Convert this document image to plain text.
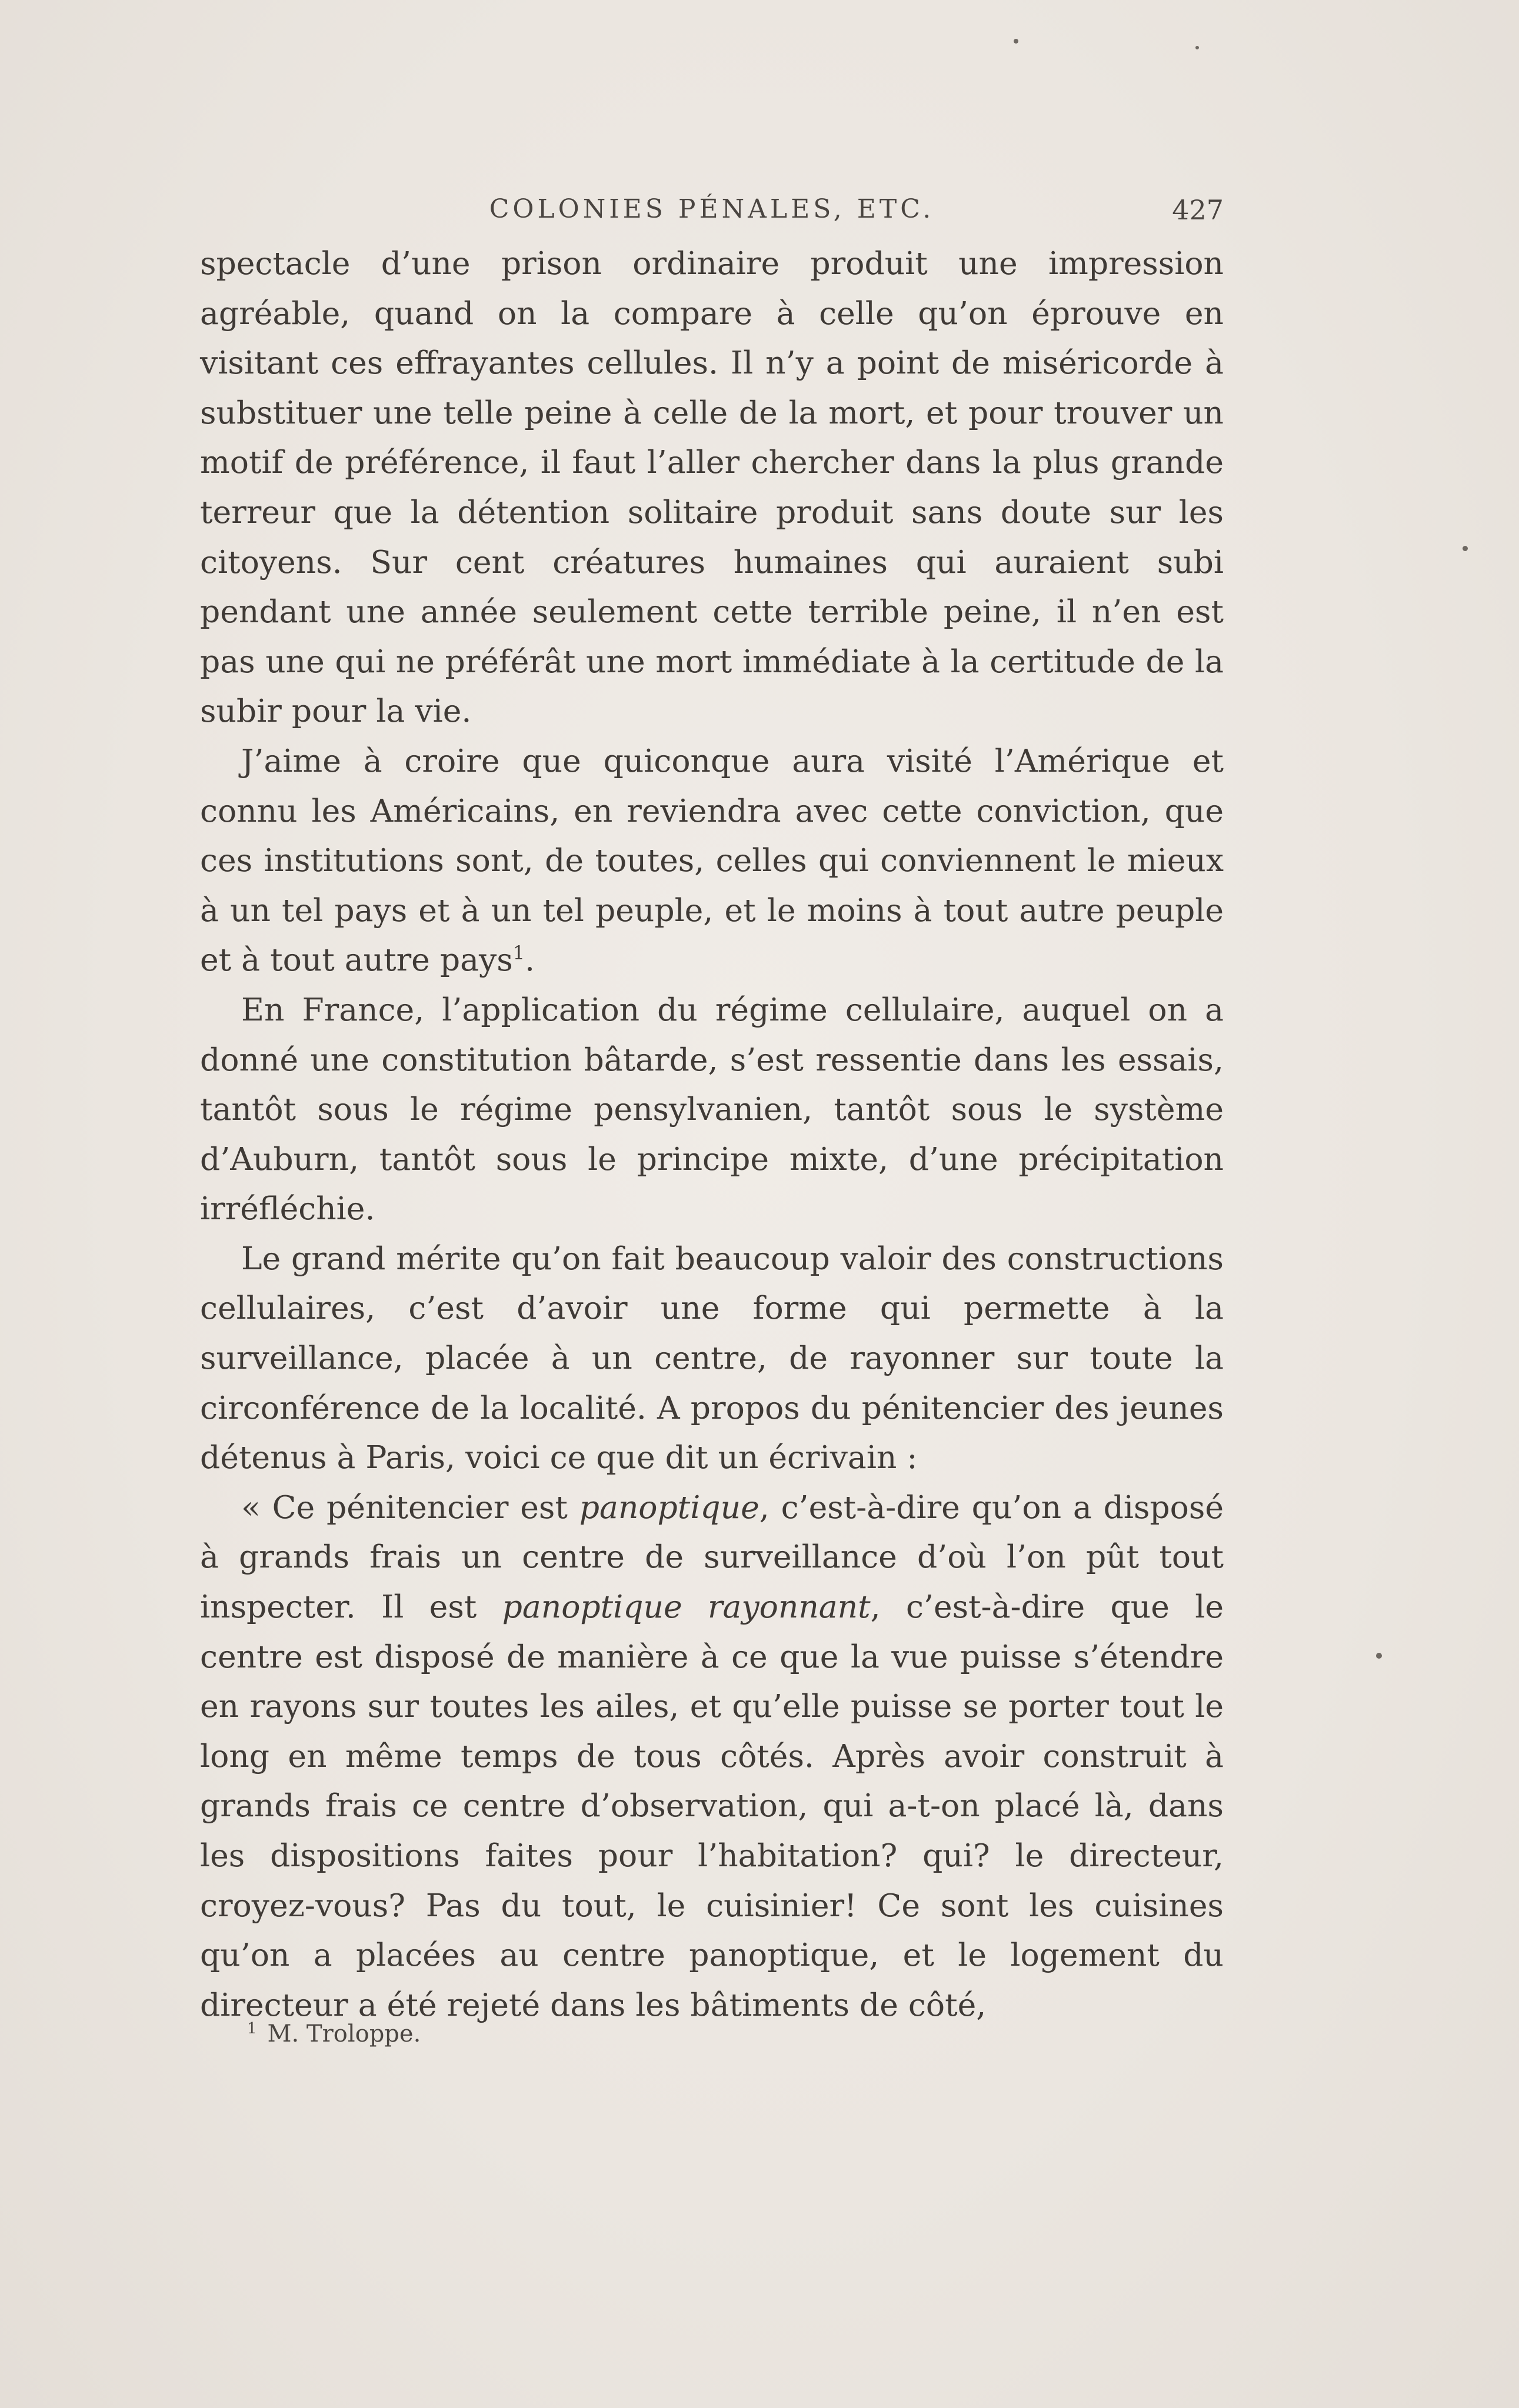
COLONIES PÉNALES, ETC.	427

spectacle d’une prison ordinaire produit une impression agréable, quand on la compare à celle qu’on éprouve en visitant ces effrayantes cellules. Il n’y a point de miséricorde à substituer une telle peine à celle de la mort, et pour trouver un motif de préférence, il faut l’aller chercher dans la plus grande terreur que la détention solitaire produit sans doute sur les citoyens. Sur cent créatures humaines qui auraient subi pendant une année seulement cette terrible peine, il n’en est pas une qui ne préférât une mort immédiate à la certitude de la subir pour la vie.

J’aime à croire que quiconque aura visité l’Amérique et connu les Américains, en reviendra avec cette conviction, que ces institutions sont, de toutes, celles qui conviennent le mieux à un tel pays et à un tel peuple, et le moins à tout autre peuple et à tout autre pays$^1$.

En France, l’application du régime cellulaire, auquel on a donné une constitution bâtarde, s’est ressentie dans les essais, tantôt sous le régime pensylvanien, tantôt sous le système d’Auburn, tantôt sous le principe mixte, d’une précipitation irréfléchie.

Le grand mérite qu’on fait beaucoup valoir des constructions cellulaires, c’est d’avoir une forme qui permette à la surveillance, placée à un centre, de rayonner sur toute la circonférence de la localité. A propos du pénitencier des jeunes détenus à Paris, voici ce que dit un écrivain :

« Ce pénitencier est panoptique, c’est-à-dire qu’on a disposé à grands frais un centre de surveillance d’où l’on pût tout inspecter. Il est panoptique rayonnant, c’est-à-dire que le centre est disposé de manière à ce que la vue puisse s’étendre en rayons sur toutes les ailes, et qu’elle puisse se porter tout le long en même temps de tous côtés. Après avoir construit à grands frais ce centre d’observation, qui a-t-on placé là, dans les dispositions faites pour l’habitation? qui? le directeur, croyez-vous? Pas du tout, le cuisinier! Ce sont les cuisines qu’on a placées au centre panoptique, et le logement du directeur a été rejeté dans les bâtiments de côté,

$^1$ M. Troloppe.
